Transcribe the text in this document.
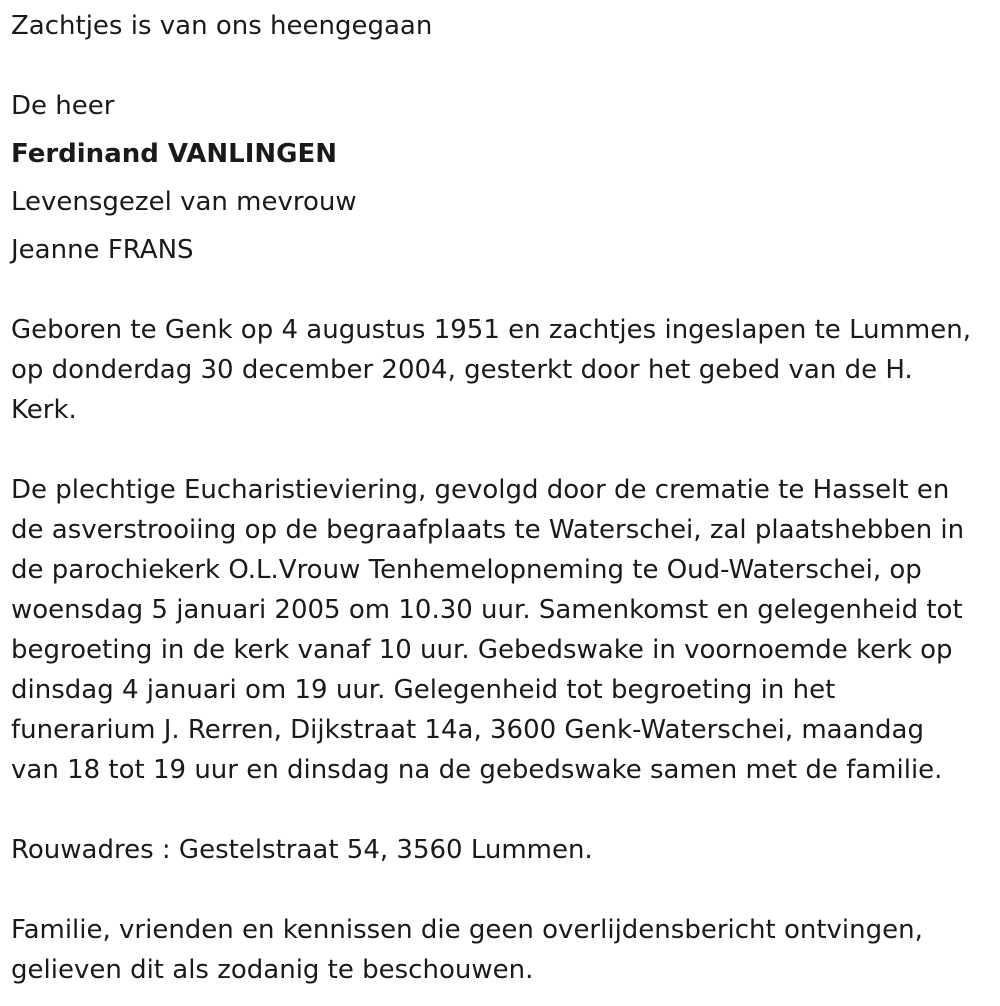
Zachtjes is van ons heengegaan

De heer

Ferdinand VANLINGEN

Levensgezel van mevrouw

Jeanne FRANS

Geboren te Genk op 4 augustus 1951 en zachtjes ingeslapen te Lummen,
op donderdag 30 december 2004, gesterkt door het gebed van de H.
Kerk.
De plechtige Eucharistieviering, gevolgd door de crematie te Hasselt en
de asverstrooiing op de begraafplaats te Waterschei, zal plaatshebben in
de parochiekerk O.L.Vrouw Tenhemelopneming te Oud-Waterschei, op
woensdag 5 januari 2005 om 10.30 uur. Samenkomst en gelegenheid tot
begroeting in de kerk vanaf 10 uur. Gebedswake in voornoemde kerk op
dinsdag 4 januari om 19 uur. Gelegenheid tot begroeting in het
funerarium J. Rerren, Dijkstraat 14a, 3600 Genk-Waterschei, maandag
van 18 tot 19 uur en dinsdag na de gebedswake samen met de familie.

Rouwadres : Gestelstraat 54, 3560 Lummen.

Familie, vrienden en kennissen die geen overlijdensbericht ontvingen,
gelieven dit als zodanig te beschouwen.
